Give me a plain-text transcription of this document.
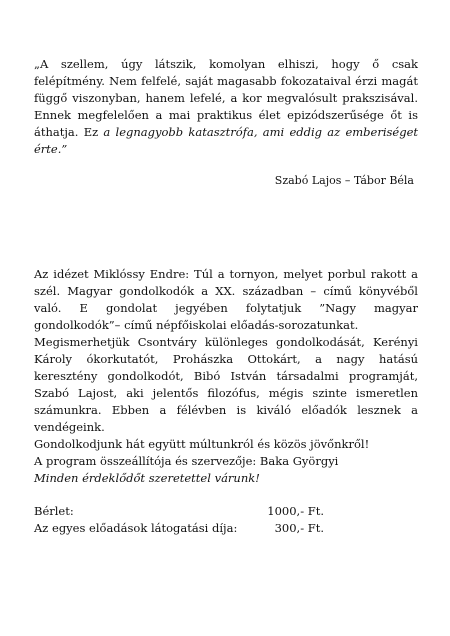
„A szellem, úgy látszik, komolyan elhiszi, hogy ő csak felépítmény. Nem felfelé, saját magasabb fokozataival érzi magát függő viszonyban, hanem lefelé, a kor megvalósult prakszisával. Ennek megfelelően a mai praktikus élet epizódszerűsége őt is áthatja. Ez a legnagyobb katasztrófa, ami eddig az emberiséget érte.”

Szabó Lajos – Tábor Béla

Az idézet Miklóssy Endre: Túl a tornyon, melyet porbul rakott a szél. Magyar gondolkodók a XX. században – című könyvéből való. E gondolat jegyében folytatjuk ”Nagy magyar gondolkodók”– című népfőiskolai előadás-sorozatunkat.

Megismerhetjük Csontváry különleges gondolkodását, Kerényi Károly ókorkutatót, Prohászka Ottokárt, a nagy hatású keresztény gondolkodót, Bibó István társadalmi programját, Szabó Lajost, aki jelentős filozófus, mégis szinte ismeretlen számunkra. Ebben a félévben is kiváló előadók lesznek a vendégeink.

Gondolkodjunk hát együtt múltunkról és közös jövőnkről!

A program összeállítója és szervezője: Baka Györgyi

Minden érdeklődőt szeretettel várunk!

Bérlet:	1000,- Ft.
Az egyes előadások látogatási díja:	300,- Ft.
